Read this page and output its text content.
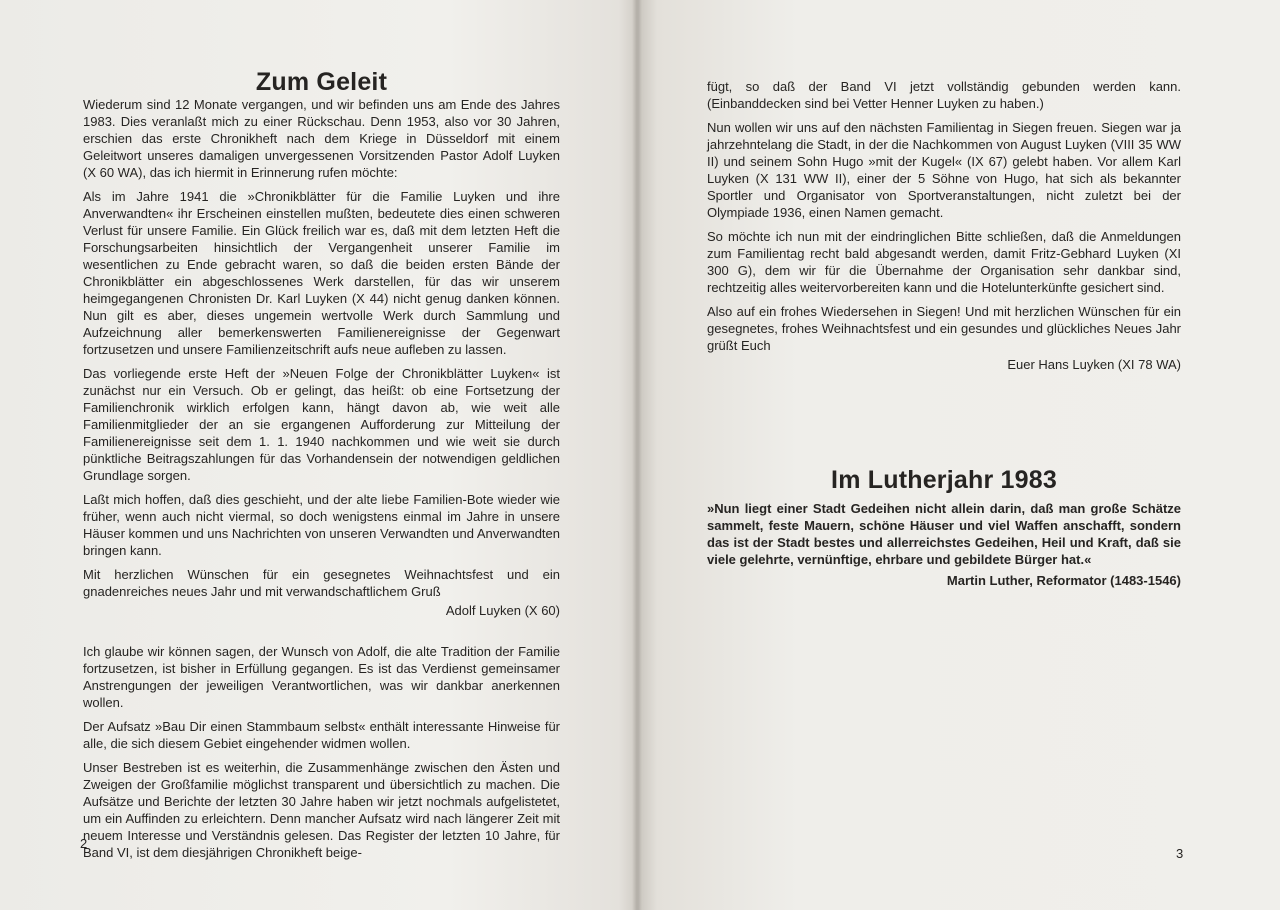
Zum Geleit

Wiederum sind 12 Monate vergangen, und wir befinden uns am Ende des Jahres 1983. Dies veranlaßt mich zu einer Rückschau. Denn 1953, also vor 30 Jahren, erschien das erste Chronikheft nach dem Kriege in Düsseldorf mit einem Geleitwort unseres damaligen unvergessenen Vorsitzenden Pastor Adolf Luyken (X 60 WA), das ich hiermit in Erinnerung rufen möchte:

Als im Jahre 1941 die »Chronikblätter für die Familie Luyken und ihre Anverwandten« ihr Erscheinen einstellen mußten, bedeutete dies einen schweren Verlust für unsere Familie. Ein Glück freilich war es, daß mit dem letzten Heft die Forschungsarbeiten hinsichtlich der Vergangenheit unserer Familie im wesentlichen zu Ende gebracht waren, so daß die beiden ersten Bände der Chronikblätter ein abgeschlossenes Werk darstellen, für das wir unserem heimgegangenen Chronisten Dr. Karl Luyken (X 44) nicht genug danken können. Nun gilt es aber, dieses ungemein wertvolle Werk durch Sammlung und Aufzeichnung aller bemerkenswerten Familienereignisse der Gegenwart fortzusetzen und unsere Familienzeitschrift aufs neue aufleben zu lassen.

Das vorliegende erste Heft der »Neuen Folge der Chronikblätter Luyken« ist zunächst nur ein Versuch. Ob er gelingt, das heißt: ob eine Fortsetzung der Familienchronik wirklich erfolgen kann, hängt davon ab, wie weit alle Familienmitglieder der an sie ergangenen Aufforderung zur Mitteilung der Familienereignisse seit dem 1. 1. 1940 nachkommen und wie weit sie durch pünktliche Beitragszahlungen für das Vorhandensein der notwendigen geldlichen Grundlage sorgen.

Laßt mich hoffen, daß dies geschieht, und der alte liebe Familien-Bote wieder wie früher, wenn auch nicht viermal, so doch wenigstens einmal im Jahre in unsere Häuser kommen und uns Nachrichten von unseren Verwandten und Anverwandten bringen kann.

Mit herzlichen Wünschen für ein gesegnetes Weihnachtsfest und ein gnadenreiches neues Jahr und mit verwandschaftlichem Gruß

Adolf Luyken (X 60)

Ich glaube wir können sagen, der Wunsch von Adolf, die alte Tradition der Familie fortzusetzen, ist bisher in Erfüllung gegangen. Es ist das Verdienst gemeinsamer Anstrengungen der jeweiligen Verantwortlichen, was wir dankbar anerkennen wollen.

Der Aufsatz »Bau Dir einen Stammbaum selbst« enthält interessante Hinweise für alle, die sich diesem Gebiet eingehender widmen wollen.

Unser Bestreben ist es weiterhin, die Zusammenhänge zwischen den Ästen und Zweigen der Großfamilie möglichst transparent und übersichtlich zu machen. Die Aufsätze und Berichte der letzten 30 Jahre haben wir jetzt nochmals aufgelistetet, um ein Auffinden zu erleichtern. Denn mancher Aufsatz wird nach längerer Zeit mit neuem Interesse und Verständnis gelesen. Das Register der letzten 10 Jahre, für Band VI, ist dem diesjährigen Chronikheft beige-

2
3

fügt, so daß der Band VI jetzt vollständig gebunden werden kann. (Einbanddecken sind bei Vetter Henner Luyken zu haben.)

Nun wollen wir uns auf den nächsten Familientag in Siegen freuen. Siegen war ja jahrzehntelang die Stadt, in der die Nachkommen von August Luyken (VIII 35 WW II) und seinem Sohn Hugo »mit der Kugel« (IX 67) gelebt haben. Vor allem Karl Luyken (X 131 WW II), einer der 5 Söhne von Hugo, hat sich als bekannter Sportler und Organisator von Sportveranstaltungen, nicht zuletzt bei der Olympiade 1936, einen Namen gemacht.

So möchte ich nun mit der eindringlichen Bitte schließen, daß die Anmeldungen zum Familientag recht bald abgesandt werden, damit Fritz-Gebhard Luyken (XI 300 G), dem wir für die Übernahme der Organisation sehr dankbar sind, rechtzeitig alles weitervorbereiten kann und die Hotelunterkünfte gesichert sind.

Also auf ein frohes Wiedersehen in Siegen! Und mit herzlichen Wünschen für ein gesegnetes, frohes Weihnachtsfest und ein gesundes und glückliches Neues Jahr grüßt Euch

Euer Hans Luyken (XI 78 WA)
Im Lutherjahr 1983
»Nun liegt einer Stadt Gedeihen nicht allein darin, daß man große Schätze sammelt, feste Mauern, schöne Häuser und viel Waffen anschafft, sondern das ist der Stadt bestes und allerreichstes Gedeihen, Heil und Kraft, daß sie viele gelehrte, vernünftige, ehrbare und gebildete Bürger hat.«
Martin Luther, Reformator (1483-1546)
